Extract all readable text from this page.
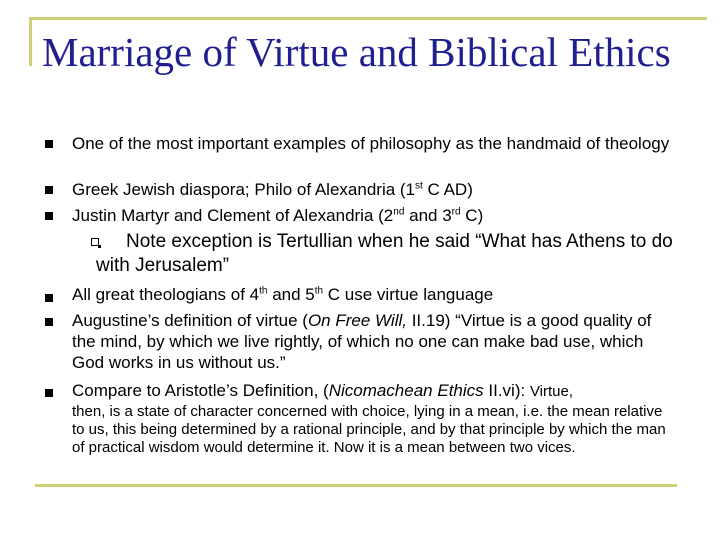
Marriage of Virtue and Biblical Ethics
One of the most important examples of philosophy as the handmaid of theology
Greek Jewish diaspora; Philo of Alexandria (1st C AD)
Justin Martyr and Clement of Alexandria (2nd and 3rd C)
Note exception is Tertullian when he said “What has Athens to do with Jerusalem”
All great theologians of 4th and 5th C use virtue language
Augustine’s definition of virtue (On Free Will, II.19) “Virtue is a good quality of the mind, by which we live rightly, of which no one can make bad use, which God works in us without us.”
Compare to Aristotle’s Definition, (Nicomachean Ethics II.vi): Virtue,
then, is a state of character concerned with choice, lying in a mean, i.e. the mean relative to us, this being determined by a rational principle, and by that principle by which the man of practical wisdom would determine it. Now it is a mean between two vices.
